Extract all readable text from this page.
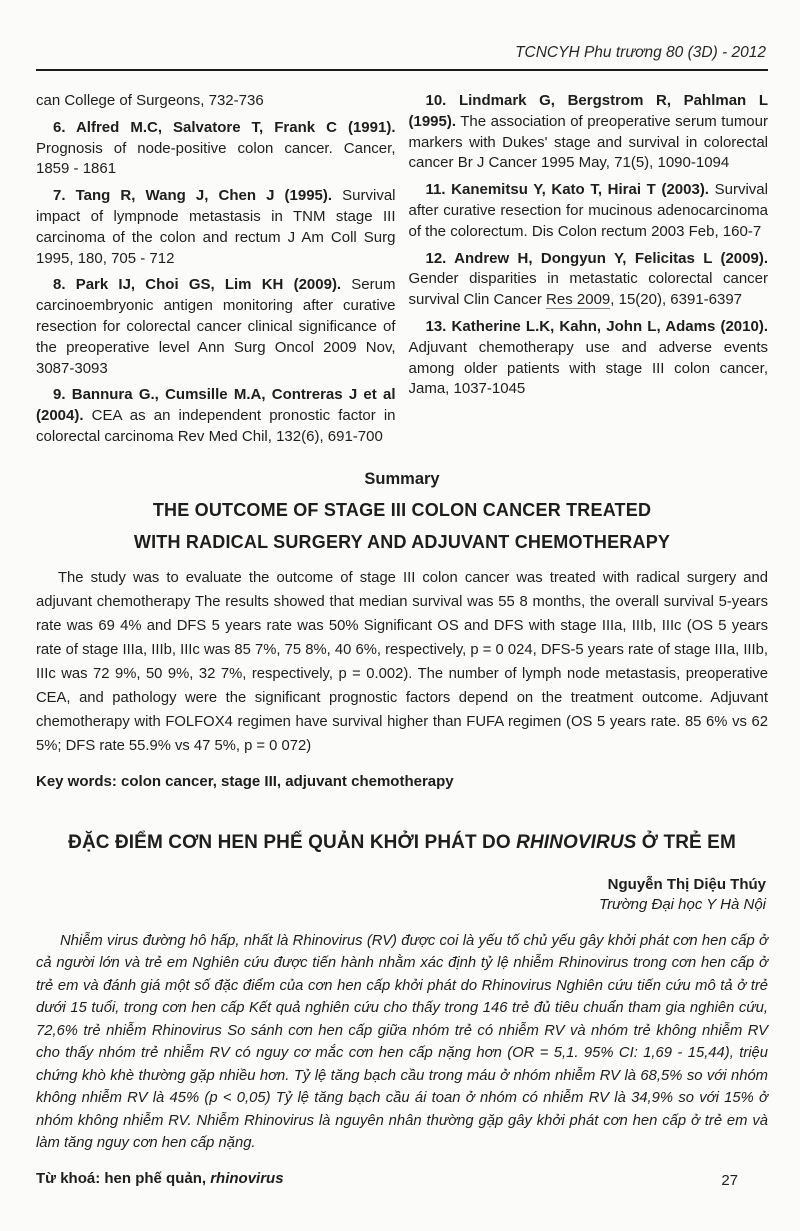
TCNCYH Phu trương 80 (3D) - 2012

can College of Surgeons, 732-736

6. Alfred M.C, Salvatore T, Frank C (1991). Prognosis of node-positive colon cancer. Cancer, 1859 - 1861

7. Tang R, Wang J, Chen J (1995). Survival impact of lympnode metastasis in TNM stage III carcinoma of the colon and rectum J Am Coll Surg 1995, 180, 705 - 712

8. Park IJ, Choi GS, Lim KH (2009). Serum carcinoembryonic antigen monitoring after curative resection for colorectal cancer clinical significance of the preoperative level Ann Surg Oncol 2009 Nov, 3087-3093

9. Bannura G., Cumsille M.A, Contreras J et al (2004). CEA as an independent pronostic factor in colorectal carcinoma Rev Med Chil, 132(6), 691-700

10. Lindmark G, Bergstrom R, Pahlman L (1995). The association of preoperative serum tumour markers with Dukes' stage and survival in colorectal cancer Br J Cancer 1995 May, 71(5), 1090-1094

11. Kanemitsu Y, Kato T, Hirai T (2003). Survival after curative resection for mucinous adenocarcinoma of the colorectum. Dis Colon rectum 2003 Feb, 160-7

12. Andrew H, Dongyun Y, Felicitas L (2009). Gender disparities in metastatic colorectal cancer survival Clin Cancer Res 2009, 15(20), 6391-6397

13. Katherine L.K, Kahn, John L, Adams (2010). Adjuvant chemotherapy use and adverse events among older patients with stage III colon cancer, Jama, 1037-1045

Summary

THE OUTCOME OF STAGE III COLON CANCER TREATED

WITH RADICAL SURGERY AND ADJUVANT CHEMOTHERAPY

The study was to evaluate the outcome of stage III colon cancer was treated with radical surgery and adjuvant chemotherapy The results showed that median survival was 55 8 months, the overall survival 5-years rate was 69 4% and DFS 5 years rate was 50% Significant OS and DFS with stage IIIa, IIIb, IIIc (OS 5 years rate of stage IIIa, IIIb, IIIc was 85 7%, 75 8%, 40 6%, respectively, p = 0 024, DFS-5 years rate of stage IIIa, IIIb, IIIc was 72 9%, 50 9%, 32 7%, respectively, p = 0.002). The number of lymph node metastasis, preoperative CEA, and pathology were the significant prognostic factors depend on the treatment outcome. Adjuvant chemotherapy with FOLFOX4 regimen have survival higher than FUFA regimen (OS 5 years rate. 85 6% vs 62 5%; DFS rate 55.9% vs 47 5%, p = 0 072)

Key words: colon cancer, stage III, adjuvant chemotherapy

ĐẶC ĐIỂM CƠN HEN PHẾ QUẢN KHỞI PHÁT DO RHINOVIRUS Ở TRẺ EM

Nguyễn Thị Diệu Thúy
Trường Đại học Y Hà Nội

Nhiễm virus đường hô hấp, nhất là Rhinovirus (RV) được coi là yếu tố chủ yếu gây khởi phát cơn hen cấp ở cả người lớn và trẻ em Nghiên cứu được tiến hành nhằm xác định tỷ lệ nhiễm Rhinovirus trong cơn hen cấp ở trẻ em và đánh giá một số đặc điểm của cơn hen cấp khởi phát do Rhinovirus Nghiên cứu tiến cứu mô tả ở trẻ dưới 15 tuổi, trong cơn hen cấp Kết quả nghiên cứu cho thấy trong 146 trẻ đủ tiêu chuẩn tham gia nghiên cứu, 72,6% trẻ nhiễm Rhinovirus So sánh cơn hen cấp giữa nhóm trẻ có nhiễm RV và nhóm trẻ không nhiễm RV cho thấy nhóm trẻ nhiễm RV có nguy cơ mắc cơn hen cấp nặng hơn (OR = 5,1. 95% CI: 1,69 - 15,44), triệu chứng khò khè thường gặp nhiều hơn. Tỷ lệ tăng bạch cầu trong máu ở nhóm nhiễm RV là 68,5% so với nhóm không nhiễm RV là 45% (p < 0,05) Tỷ lệ tăng bạch cầu ái toan ở nhóm có nhiễm RV là 34,9% so với 15% ở nhóm không nhiễm RV. Nhiễm Rhinovirus là nguyên nhân thường gặp gây khởi phát cơn hen cấp ở trẻ em và làm tăng nguy cơn hen cấp nặng.

Từ khoá: hen phế quản, rhinovirus	27
